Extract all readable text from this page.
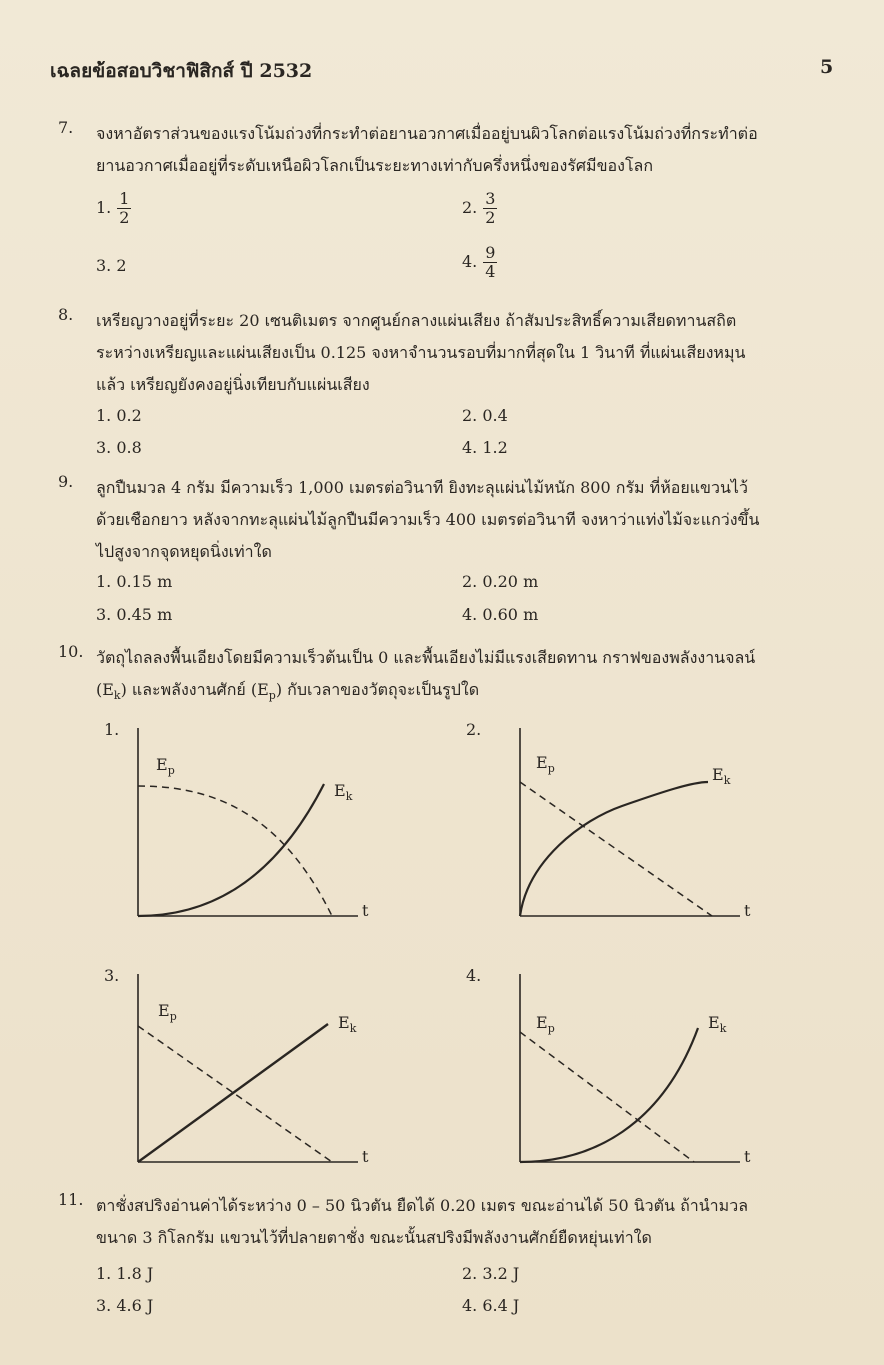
เฉลยข้อสอบวิชาฟิสิกส์ ปี 2532	5
7. จงหาอัตราส่วนของแรงโน้มถ่วงที่กระทำต่อยานอวกาศเมื่ออยู่บนผิวโลกต่อแรงโน้มถ่วงที่กระทำต่อ
ยานอวกาศเมื่ออยู่ที่ระดับเหนือผิวโลกเป็นระยะทางเท่ากับครึ่งหนึ่งของรัศมีของโลก
1. $\frac{1}{2}$	2. $\frac{3}{2}$
3. 2	4. $\frac{9}{4}$
8. เหรียญวางอยู่ที่ระยะ 20 เซนติเมตร จากศูนย์กลางแผ่นเสียง ถ้าสัมประสิทธิ์ความเสียดทานสถิต
ระหว่างเหรียญและแผ่นเสียงเป็น 0.125 จงหาจำนวนรอบที่มากที่สุดใน 1 วินาที ที่แผ่นเสียงหมุน
แล้ว เหรียญยังคงอยู่นิ่งเทียบกับแผ่นเสียง
1. 0.2	2. 0.4
3. 0.8	4. 1.2
9. ลูกปืนมวล 4 กรัม มีความเร็ว 1,000 เมตรต่อวินาที ยิงทะลุแผ่นไม้หนัก 800 กรัม ที่ห้อยแขวนไว้
ด้วยเชือกยาว หลังจากทะลุแผ่นไม้ลูกปืนมีความเร็ว 400 เมตรต่อวินาที จงหาว่าแท่งไม้จะแกว่งขึ้น
ไปสูงจากจุดหยุดนิ่งเท่าใด
1. 0.15 m	2. 0.20 m
3. 0.45 m	4. 0.60 m
10. วัตถุไถลลงพื้นเอียงโดยมีความเร็วต้นเป็น 0 และพื้นเอียงไม่มีแรงเสียดทาน กราฟของพลังงานจลน์
$(E_k)$ และพลังงานศักย์ $(E_p)$ กับเวลาของวัตถุจะเป็นรูปใด
1.
$E_p$
$E_k$
t
2.
$E_p$	$E_k$
t
3.
$E_p$	$E_k$
t
4.
$E_p$	$E_k$
t
11. ตาชั่งสปริงอ่านค่าได้ระหว่าง 0 – 50 นิวตัน ยืดได้ 0.20 เมตร ขณะอ่านได้ 50 นิวตัน ถ้านำมวล
ขนาด 3 กิโลกรัม แขวนไว้ที่ปลายตาชั่ง ขณะนั้นสปริงมีพลังงานศักย์ยืดหยุ่นเท่าใด
1. 1.8 J	2. 3.2 J
3. 4.6 J	4. 6.4 J
